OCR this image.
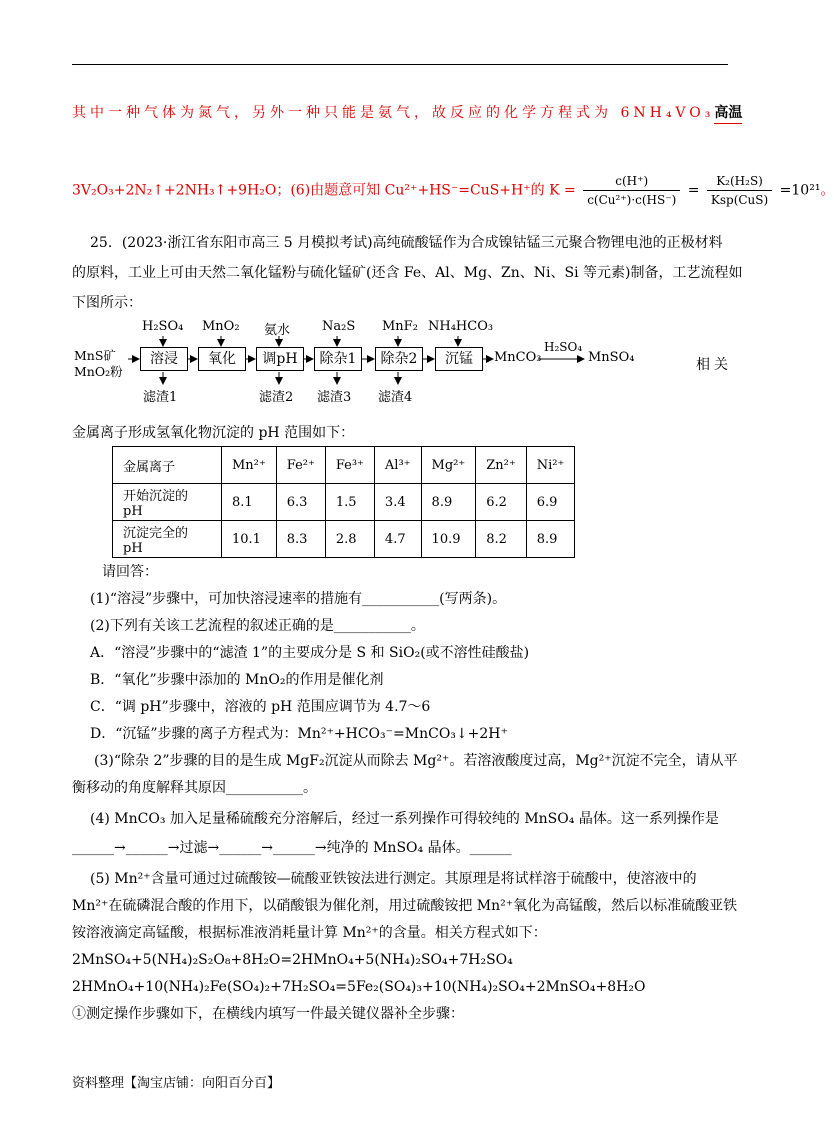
其中一种气体为氮气，另外一种只能是氨气，故反应的化学方程式为 6NH₄VO₃高温
3V₂O₃+2N₂↑+2NH₃↑+9H₂O；(6)由题意可知 Cu²⁺+HS⁻=CuS+H⁺的 $K = \frac{c(H^+)}{\text{c(Cu²⁺)·c(HS⁻)}} = \frac{\text{K₂(H₂S)}}{\text{Ksp(CuS)}} =10^{21}$。
25．(2023·浙江省东阳市高三 5 月模拟考试)高纯硫酸锰作为合成镍钴锰三元聚合物锂电池的正极材料
的原料，工业上可由天然二氧化锰粉与硫化锰矿(还含 Fe、Al、Mg、Zn、Ni、Si 等元素)制备，工艺流程如
下图所示：
MnS矿
MnO₂粉
溶浸	氧化	调pH	除杂1	除杂2	沉锰
H₂SO₄ MnO₂ 氨水 Na₂S MnF₂ NH₄HCO₃
滤渣1	滤渣2 滤渣3 滤渣4
MnCO₃
H₂SO₄
MnSO₄	相关
金属离子形成氢氧化物沉淀的 pH 范围如下：
金属离子	Mn²⁺	Fe²⁺	Fe³⁺	Al³⁺	Mg²⁺	Zn²⁺	Ni²⁺
开始沉淀的 pH	8.1	6.3	1.5	3.4	8.9	6.2	6.9
沉淀完全的 pH	10.1	8.3	2.8	4.7	10.9	8.2	8.9
请回答：
(1)“溶浸”步骤中，可加快溶浸速率的措施有___________(写两条)。
(2)下列有关该工艺流程的叙述正确的是___________。
A．“溶浸”步骤中的“滤渣 1”的主要成分是 S 和 SiO₂(或不溶性硅酸盐)
B．“氧化”步骤中添加的 MnO₂的作用是催化剂
C．“调 pH”步骤中，溶液的 pH 范围应调节为 4.7～6
D．“沉锰”步骤的离子方程式为：Mn²⁺+HCO₃⁻=MnCO₃↓+2H⁺
(3)“除杂 2”步骤的目的是生成 MgF₂沉淀从而除去 Mg²⁺。若溶液酸度过高，Mg²⁺沉淀不完全，请从平
衡移动的角度解释其原因___________。
(4) MnCO₃ 加入足量稀硫酸充分溶解后，经过一系列操作可得较纯的 MnSO₄ 晶体。这一系列操作是
______→______→过滤→______→______→纯净的 MnSO₄ 晶体。______
(5) Mn²⁺含量可通过过硫酸铵—硫酸亚铁铵法进行测定。其原理是将试样溶于硫酸中，使溶液中的
Mn²⁺在硫磷混合酸的作用下，以硝酸银为催化剂，用过硫酸铵把 Mn²⁺氧化为高锰酸，然后以标准硫酸亚铁
铵溶液滴定高锰酸，根据标准液消耗量计算 Mn²⁺的含量。相关方程式如下：
2MnSO₄+5(NH₄)₂S₂O₈+8H₂O=2HMnO₄+5(NH₄)₂SO₄+7H₂SO₄
2HMnO₄+10(NH₄)₂Fe(SO₄)₂+7H₂SO₄=5Fe₂(SO₄)₃+10(NH₄)₂SO₄+2MnSO₄+8H₂O
①测定操作步骤如下，在横线内填写一件最关键仪器补全步骤：
资料整理【淘宝店铺：向阳百分百】
